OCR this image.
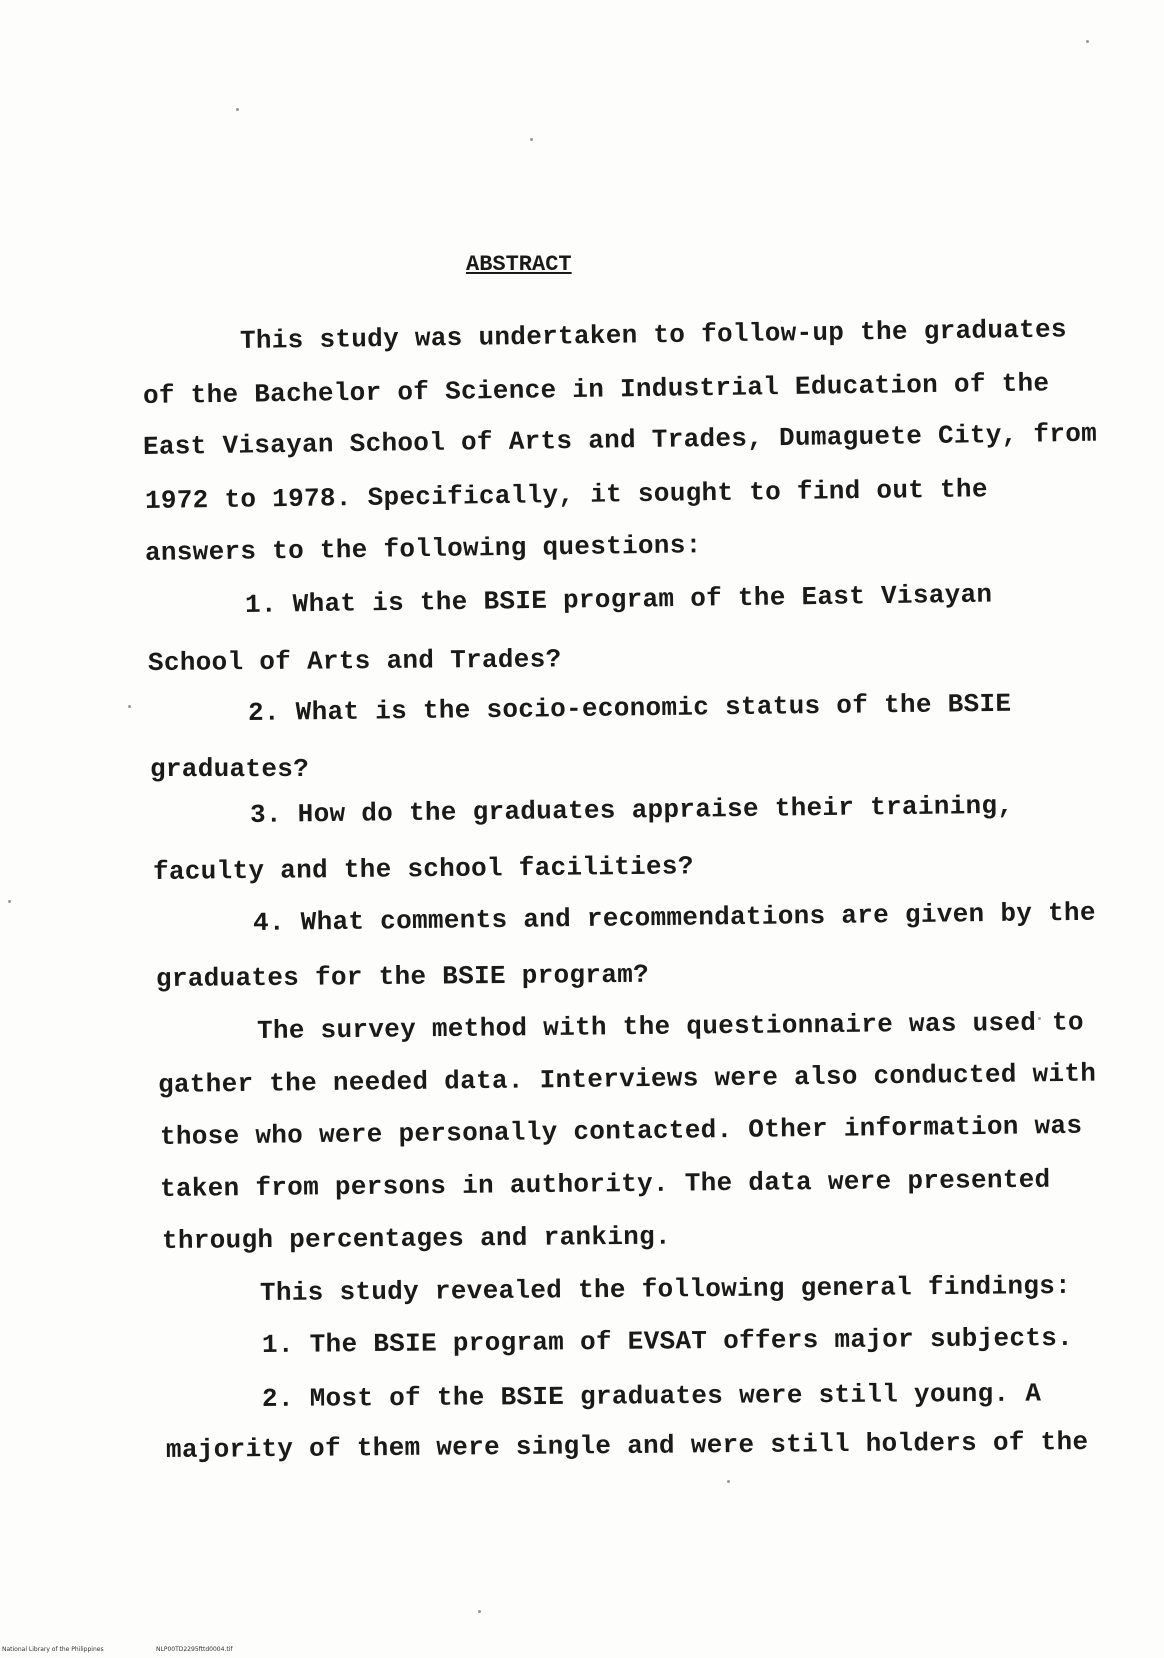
ABSTRACT
This study was undertaken to follow-up the graduates
of the Bachelor of Science in Industrial Education of the
East Visayan School of Arts and Trades, Dumaguete City, from
1972 to 1978. Specifically, it sought to find out the
answers to the following questions:
1. What is the BSIE program of the East Visayan
School of Arts and Trades?
2. What is the socio-economic status of the BSIE
graduates?
3. How do the graduates appraise their training,
faculty and the school facilities?
4. What comments and recommendations are given by the
graduates for the BSIE program?
The survey method with the questionnaire was used to
gather the needed data. Interviews were also conducted with
those who were personally contacted. Other information was
taken from persons in authority. The data were presented
through percentages and ranking.
This study revealed the following general findings:
1. The BSIE program of EVSAT offers major subjects.
2. Most of the BSIE graduates were still young. A
majority of them were single and were still holders of the
National Library of the Philippines	NLP00TD2295fttd0004.tif
